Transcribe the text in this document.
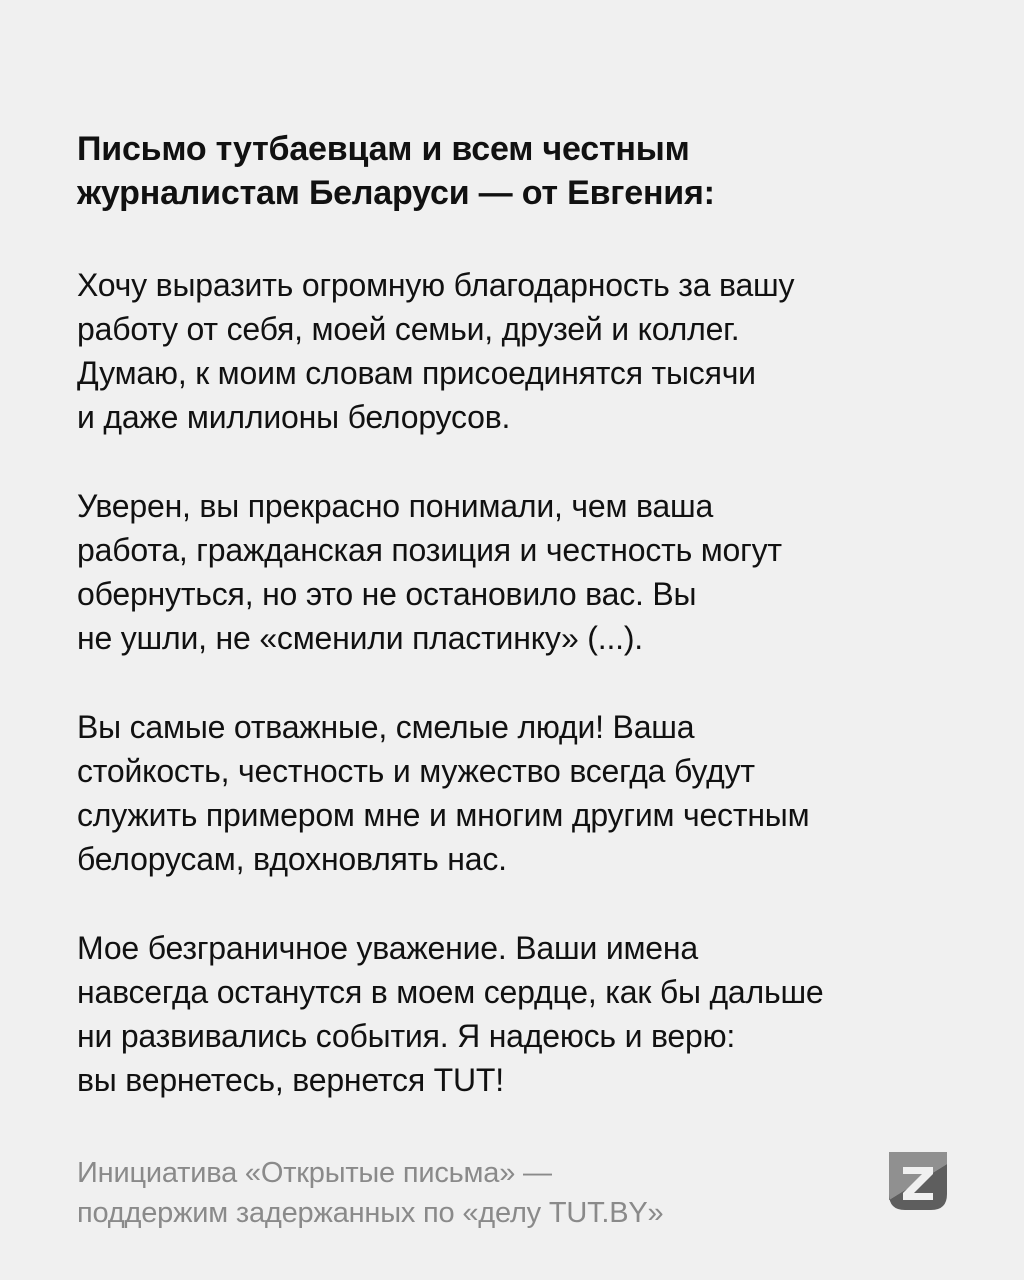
Письмо тутбаевцам и всем честным
журналистам Беларуси — от Евгения:

Хочу выразить огромную благодарность за вашу
работу от себя, моей семьи, друзей и коллег.
Думаю, к моим словам присоединятся тысячи
и даже миллионы белорусов.

Уверен, вы прекрасно понимали, чем ваша
работа, гражданская позиция и честность могут
обернуться, но это не остановило вас. Вы
не ушли, не «сменили пластинку» (...).

Вы самые отважные, смелые люди! Ваша
стойкость, честность и мужество всегда будут
служить примером мне и многим другим честным
белорусам, вдохновлять нас.

Мое безграничное уважение. Ваши имена
навсегда останутся в моем сердце, как бы дальше
ни развивались события. Я надеюсь и верю:
вы вернетесь, вернется TUT!

Инициатива «Открытые письма» —
поддержим задержанных по «делу TUT.BY»
